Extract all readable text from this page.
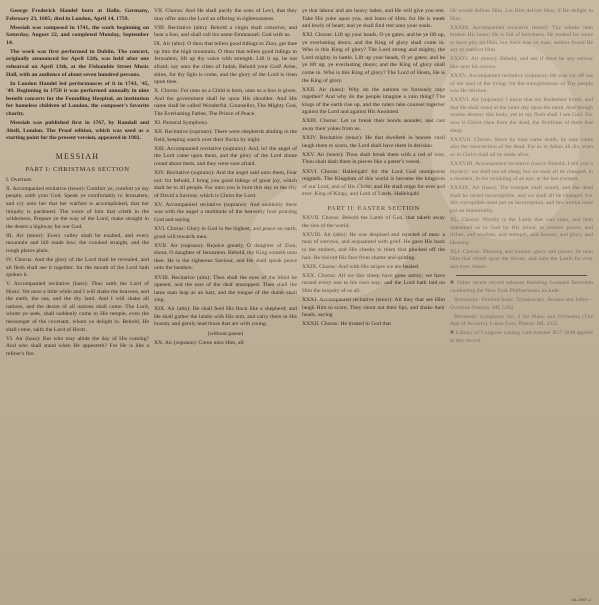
George Frederick Handel born at Halle, Germany, February 23, 1685; died in London, April 14, 1759.

Messiah was composed in 1741, the work beginning on Saturday, August 22, and completed Monday, September 14.

The work was first performed in Dublin. The concert, originally announced for April 12th, was held after one rehearsal on April 13th, at the Fishamble Street Music Hall, with an audience of about seven hundred persons.

In London Handel led performances of it in 1743, '45, '49. Beginning in 1750 it was performed annually in nine benefit concerts for the Foundling Hospital, an institution for homeless children of London, the composer's favorite charity.

Messiah was published first in 1767, by Randall and Abell, London. The Proof edition, which was used as a starting point for the present version, appeared in 1902.

MESSIAH
PART I: CHRISTMAS SECTION

I. Overture.

II. Accompanied recitative (tenor): Comfort ye, comfort ye my people, saith your God. Speak ye comfortably to Jerusalem, and cry unto her that her warfare is accomplished, that her iniquity is pardoned. The voice of him that crieth in the wilderness, Prepare ye the way of the Lord, make straight in the desert a highway for our God.

III. Air (tenor): Every valley shall be exalted, and every mountain and hill made low; the crooked straight, and the rough places plain.

IV. Chorus: And the glory of the Lord shall be revealed, and all flesh shall see it together: for the mouth of the Lord hath spoken it.

V. Accompanied recitative (bass): Thus saith the Lord of Hosts: Yet once a little while and I will shake the heavens, and the earth, the sea, and the dry land. And I will shake all nations, and the desire of all nations shall come. The Lord, whom ye seek, shall suddenly come to His temple, even the messenger of the covenant, whom ye delight in. Behold, He shall come, saith the Lord of Hosts.

VI. Air (bass): But who may abide the day of His coming? And who shall stand when He appeareth? For He is like a refiner's fire.

VII. Chorus: And He shall purify the sons of Levi, that they may offer unto the Lord an offering in righteousness.

VIII. Recitative (alto): Behold a virgin shall conceive, and bear a Son, and shall call his name Emmanuel; God with us.

IX. Air (alto): O thou that tellest good tidings to Zion, get thee up into the high mountain. O thou that tellest good tidings to Jerusalem, lift up thy voice with strength. Lift it up, be not afraid; say unto the cities of Judah, Behold your God! Arise, shine, for thy light is come, and the glory of the Lord is risen upon thee.

X. Chorus: For unto us a Child is born, unto us a Son is given. And the government shall be upon His shoulder. And His name shall be called Wonderful, Counsellor, The Mighty God, The Everlasting Father, The Prince of Peace.

XI. Pastoral Symphony.

XII. Recitative (soprano): There were shepherds abiding in the field, keeping watch over their flocks by night.

XIII. Accompanied recitative (soprano): And, lo! the angel of the Lord came upon them, and the glory of the Lord shone round about them, and they were sore afraid.

XIV. Recitative (soprano): And the angel said unto them, Fear not: for behold, I bring you good tidings of great joy, which shall be to all people. For unto you is born this day in the city of David a Saviour, which is Christ the Lord.

XV. Accompanied recitative (soprano): And suddenly there was with the angel a multitude of the heavenly host praising God and saying

XVI. Chorus: Glory to God in the highest, and peace on earth, good will towards men.

XVII. Air (soprano): Rejoice greatly, O daughter of Zion; shout, O daughter of Jerusalem. Behold, thy King cometh unto thee. He is the righteous Saviour, and He shall speak peace unto the heathen.

XVIII. Recitative (alto): Then shall the eyes of the blind be opened, and the ears of the deaf unstopped. Then shall the lame man leap as an hart, and the tongue of the dumb shall sing.

XIX. Air (alto): He shall feed His flock like a shepherd; and He shall gather the lambs with His arm, and carry them in His bosom, and gently lead those that are with young.

(without pause)

XX. Air (soprano): Come unto Him, all

ye that labour and are heavy laden, and He will give you rest. Take His yoke upon you, and learn of Him; for He is meek and lowly of heart; and ye shall find rest unto your souls.

XXI. Chorus: Lift up your heads, O ye gates; and be ye lift up, ye everlasting doors; and the King of glory shall come in. Who is this King of glory? The Lord strong and mighty, the Lord mighty in battle. Lift up your heads, O ye gates; and be ye lift up, ye everlasting doors; and the King of glory shall come in. Who is this King of glory? The Lord of Hosts, He is the King of glory.

XXII. Air (bass): Why do the nations so furiously rage together? And why do the people imagine a vain thing? The kings of the earth rise up, and the rulers take counsel together against the Lord and against His Anointed.

XXIII. Chorus: Let us break their bonds asunder, and cast away their yokes from us.

XXIV. Recitative (tenor): He that dwelleth in heaven shall laugh them to scorn, the Lord shall have them in derision.

XXV. Air (tenor): Thou shalt break them with a rod of iron; Thou shalt dash them in pieces like a potter's vessel.

XXVI. Chorus: Hallelujah! for the Lord God omnipotent reigneth. The Kingdom of this world is become the kingdom of our Lord, and of His Christ; and He shall reign for ever and ever. King of Kings, and Lord of Lords, Hallelujah!

PART II: EASTER SECTION

XXVII. Chorus: Behold the Lamb of God, that taketh away the sins of the world.

XXVIII. Air (alto): He was despised and rejected of men: a man of sorrows, and acquainted with grief. He gave His back to the smiters, and His cheeks to them that plucked off the hair. He hid not His face from shame and spitting.

XXIX. Chorus: And with His stripes we are healed.

XXX. Chorus: All we like sheep have gone astray; we have turned every one to his own way; and the Lord hath laid on Him the iniquity of us all.

XXXI. Accompanied recitative (tenor): All they that see Him laugh Him to scorn. They shoot out their lips, and shake their heads, saying

XXXII. Chorus: He trusted in God that

He would deliver Him. Let Him deliver Him, if He delight in Him.

XXXIII. Accompanied recitative (tenor): Thy rebuke hath broken His heart; He is full of heaviness. He looked for some to have pity on Him, but there was no man; neither found He any to comfort Him.

XXXIV. Air (tenor): Behold, and see if there be any sorrow like unto his sorrow.

XXXV. Accompanied recitative (soprano): He was cut off out of the land of the living: for the transgressions of Thy people was He stricken.

XXXVI. Air (soprano): I know that my Redeemer liveth, and that He shall stand at the latter day upon the earth. And though worms destroy this body, yet in my flesh shall I see God. For now is Christ risen from the dead, the firstfruits of them that sleep.

XXXVII. Chorus: Since by man came death, by man came also the resurrection of the dead. For as in Adam all die, even so in Christ shall all be made alive.

XXXVIII. Accompanied recitative (bass): Behold, I tell you a mystery: we shall not all sleep; but we shall all be changed, in a moment, in the twinkling of an eye, at the last trumpet.

XXXIX. Air (bass): The trumpet shall sound, and the dead shall be raised incorruptible, and we shall all be changed. For this corruptible must put on incorruption, and this mortal must put on immortality.

XL. Chorus: Worthy is the Lamb that was slain, and hath redeemed us to God by His blood, to receive power, and riches, and wisdom, and strength, and honour, and glory, and blessing.

XLI. Chorus: Blessing and honour, glory and power, be unto Him that sitteth upon the throne, and unto the Lamb for ever and ever. Amen.

■ Other recent record releases featuring Leonard Bernstein conducting the New York Philharmonic include:

Stravinsky: Firebird Suite. Tchaikovsky: Romeo and Juliet—Overture-Fantasy. ML 5182

Bernstein: Symphony No. 2 for Piano and Orchestra (The Age of Anxiety). Lukas Foss, Pianist. ML 4325

■ Library of Congress catalog card number R57-1048 applies to this record.

ML-5897-2
